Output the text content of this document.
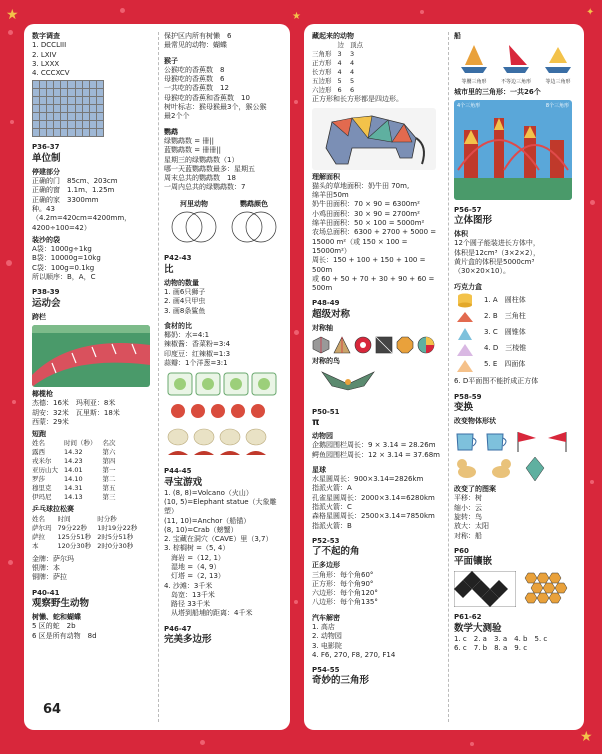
★
★
★	✦
数字调查
1. DCCLIII
2. LXIV
3. LXXX
4. CCCXCV
P36-37
单位制
停建部分
正确的门　85cm、203cm
正确的窗　1.1m、1.25m
正确的家　3300mm
种。43（4.2m=420cm=4200mm，
4200÷100=42）
装沙的袋
A袋：1000g÷1kg
B袋：10000g=10kg
C袋：100g=0.1kg
所以顺序：B，A，C
P38-39
运动会
跨栏
椰榄枪
杰德：16米　玛利亚：8米
胡安：32米　瓦里斯：18米
西蒙：29米
短跑
姓名	时间（秒）	名次
露西	14.32	第六
戎米尔	14.23	第四
亚历山大	14.01	第一
罗莎	14.10	第二
穆里克	14.31	第五
伊玛尼	14.13	第三
乒乓球拉松赛
姓名	时间	时分秒
萨尔玛	79分22秒	1时19分22秒
萨拉	125分51秒	2时5分51秒
本	120分30秒	2时0分30秒
金牌：萨尔玛
银牌：本
铜牌：萨拉
P40-41
观察野生动物
树懒、蛇和蝴蝶
5 区的蛇　2b
6 区是所有动物　8d
保护区内所有树懒　6
最常见的动物：蝴蝶
猴子
公猴吃的香蕉数　8
母猴吃的香蕉数　6
一共吃的香蕉数　12
母猴吃的香蕉和香蕉数　10
树叶标志：猴母猴最3个，猴公猴
最2个个
鹦鹉
绿鹦鹉数 = 卌||
蓝鹦鹉数 = 卌卌||
星期三的绿鹦鹉数（1）
哪一天蓝鹦鹉数最多：星期五
周末总共的鹦鹉数　18
一周内总共的绿鹦鹉数：7
河里动物	鹦鹉颜色
P42-43
比
动物的数量
1. 画6只狮子
2. 画4只甲虫
3. 画8条鲨鱼
食材的比
椰奶：水=4:1
辣椒酱：香菜粉=3:4
印度豆：红辣椒=1:3
蒜瓣：1个洋葱=3:1
P44-45
寻宝游戏
1. (8, 8)=Volcano（火山）
(10, 5)=Elephant statue（大象雕塑）
(11, 10)=Anchor（船锚）
(8, 10)=Crab（螃蟹）
2. 宝藏在洞穴（CAVE）里（3,7）
3. 棕榈树 =（5, 4）
　海岩 =（12, 1）
　湿地 =（4, 9）
　灯塔 =（2, 13）
4. 沙滩：3千米
　岛宽：13千米
　路径 33千米
　从塔到船埔的距离：4千米
P46-47
完美多边形
64
藏起来的动物
	边	顶点
三角形	3	3
正方形	4	4
长方形	4	4
五边形	5	5
六边形	6	6
正方形和长方形都是四边形。
理解面积
猫头的草地面积：奶牛田 70m,
绵羊田50m
奶牛田面积：70 × 90 = 6300m²
小鸡田面积：30 × 90 = 2700m²
绵羊田面积：50 × 100 = 5000m²
农场总面积：6300 + 2700 + 5000 =
15000 m²（或 150 × 100 = 15000m²）
周长：150 + 100 + 150 + 100 = 500m
或 60 + 50 + 70 + 30 + 90 + 60 = 500m
P48-49
超级对称
对称轴
对称的鸟
P50-51
π
动物园
企鹅园围栏周长：9 × 3.14 = 28.26m
鳄鱼园围栏周长：12 × 3.14 = 37.68m
星球
水星圆周长：900×3.14=2826km
指派火箭：A
孔雀星圆周长：2000×3.14=6280km
指派火箭：C
森格星圆周长：2500×3.14=7850km
指派火箭：B
P52-53
了不起的角
正多边形
三角形：每个角60°
正方形：每个角90°
六边形：每个角120°
八边形：每个角135°
汽车解密
1. 高店
2. 动物园
3. 电影院
4. F6, 270, F8, 270, F14
P54-55
奇妙的三角形
船
等腰三角形	不等边三角形	等边三角形
城市里的三角形：一共26个
4个三角形	8个三角形
P56-57
立体图形
体积
12个圆子能装进长方体中，
体积是12cm³（3×2×2），
黄片盒的体积是5000cm³
（30×20×10）。
巧克力盒
1. A　圆柱体
2. B　三角柱
3. C　圆锥体
4. D　三棱锥
5. E　四面体
6. D平面图不能折成正方体
P58-59
变换
改变物体形状
改变了的图案
平移：树
缩小：云
旋转：鸟
放大：太阳
对称：船
P60
平面镶嵌
P61-62
数学大测验
1. c　2. a　3. a　4. b　5. c
6. c　7. b　8. a　9. c
